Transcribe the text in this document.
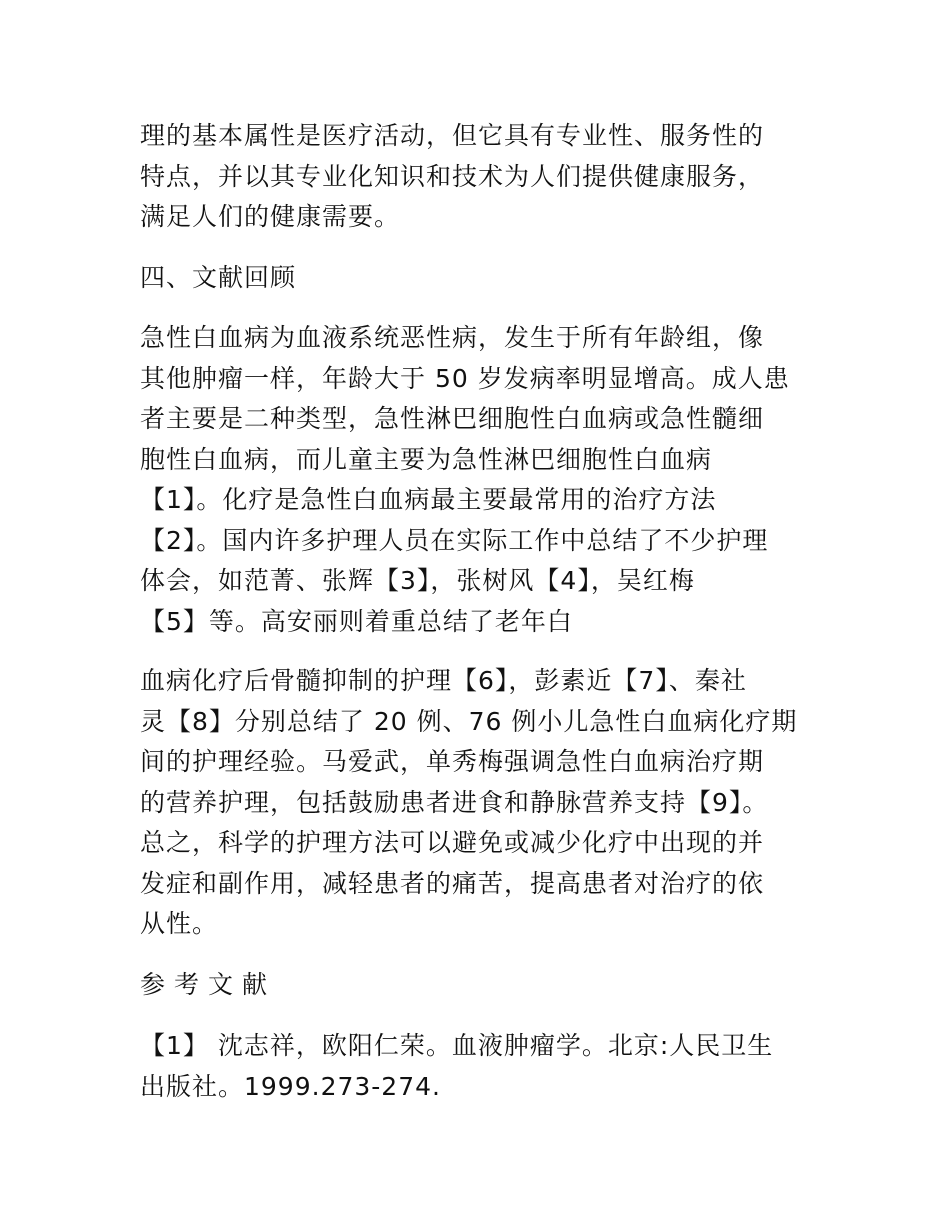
理的基本属性是医疗活动，但它具有专业性、服务性的
特点，并以其专业化知识和技术为人们提供健康服务，
满足人们的健康需要。
四、文献回顾
急性白血病为血液系统恶性病，发生于所有年龄组，像
其他肿瘤一样，年龄大于 50 岁发病率明显增高。成人患
者主要是二种类型，急性淋巴细胞性白血病或急性髓细
胞性白血病，而儿童主要为急性淋巴细胞性白血病
【1】。化疗是急性白血病最主要最常用的治疗方法
【2】。国内许多护理人员在实际工作中总结了不少护理
体会，如范菁、张辉【3】，张树风【4】，吴红梅
【5】等。高安丽则着重总结了老年白
血病化疗后骨髓抑制的护理【6】，彭素近【7】、秦社
灵【8】分别总结了 20 例、76 例小儿急性白血病化疗期
间的护理经验。马爱武，单秀梅强调急性白血病治疗期
的营养护理，包括鼓励患者进食和静脉营养支持【9】。
总之，科学的护理方法可以避免或减少化疗中出现的并
发症和副作用，减轻患者的痛苦，提高患者对治疗的依
从性。
参考文献
【1】 沈志祥，欧阳仁荣。血液肿瘤学。北京:人民卫生
出版社。1999.273-274.
